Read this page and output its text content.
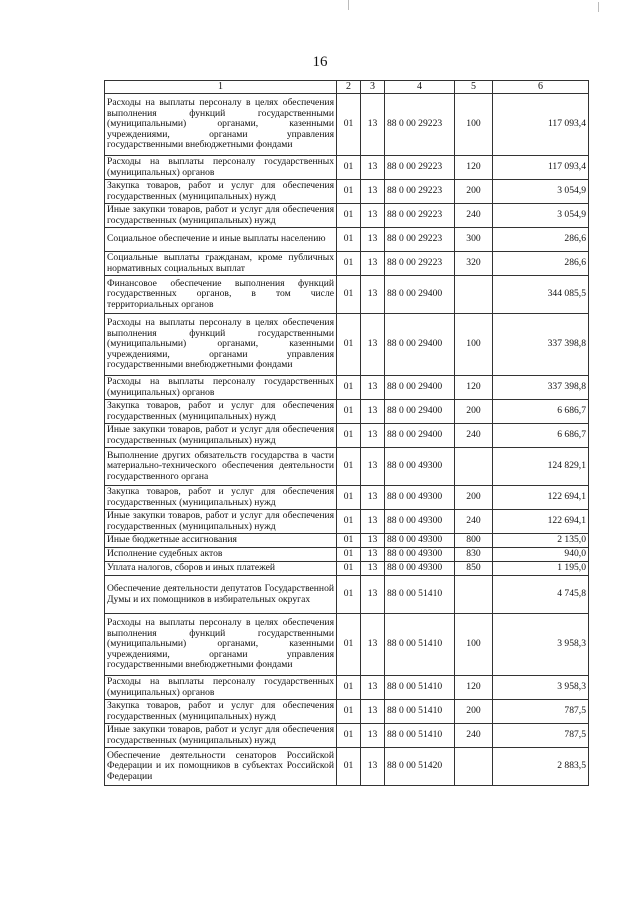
16
1	2	3	4	5	6
Расходы на выплаты персоналу в целях обеспечения выполнения функций государственными (муниципальными) органами, казенными учреждениями, органами управления государственными внебюджетными фондами	01	13	88 0 00 29223	100	117 093,4
Расходы на выплаты персоналу государственных (муниципальных) органов	01	13	88 0 00 29223	120	117 093,4
Закупка товаров, работ и услуг для обеспечения государственных (муниципальных) нужд	01	13	88 0 00 29223	200	3 054,9
Иные закупки товаров, работ и услуг для обеспечения государственных (муниципальных) нужд	01	13	88 0 00 29223	240	3 054,9
Социальное обеспечение и иные выплаты населению	01	13	88 0 00 29223	300	286,6
Социальные выплаты гражданам, кроме публичных нормативных социальных выплат	01	13	88 0 00 29223	320	286,6
Финансовое обеспечение выполнения функций государственных органов, в том числе территориальных органов	01	13	88 0 00 29400		344 085,5
Расходы на выплаты персоналу в целях обеспечения выполнения функций государственными (муниципальными) органами, казенными учреждениями, органами управления государственными внебюджетными фондами	01	13	88 0 00 29400	100	337 398,8
Расходы на выплаты персоналу государственных (муниципальных) органов	01	13	88 0 00 29400	120	337 398,8
Закупка товаров, работ и услуг для обеспечения государственных (муниципальных) нужд	01	13	88 0 00 29400	200	6 686,7
Иные закупки товаров, работ и услуг для обеспечения государственных (муниципальных) нужд	01	13	88 0 00 29400	240	6 686,7
Выполнение других обязательств государства в части материально-технического обеспечения деятельности государственного органа	01	13	88 0 00 49300		124 829,1
Закупка товаров, работ и услуг для обеспечения государственных (муниципальных) нужд	01	13	88 0 00 49300	200	122 694,1
Иные закупки товаров, работ и услуг для обеспечения государственных (муниципальных) нужд	01	13	88 0 00 49300	240	122 694,1
Иные бюджетные ассигнования	01	13	88 0 00 49300	800	2 135,0
Исполнение судебных актов	01	13	88 0 00 49300	830	940,0
Уплата налогов, сборов и иных платежей	01	13	88 0 00 49300	850	1 195,0
Обеспечение деятельности депутатов Государственной Думы и их помощников в избирательных округах	01	13	88 0 00 51410		4 745,8
Расходы на выплаты персоналу в целях обеспечения выполнения функций государственными (муниципальными) органами, казенными учреждениями, органами управления государственными внебюджетными фондами	01	13	88 0 00 51410	100	3 958,3
Расходы на выплаты персоналу государственных (муниципальных) органов	01	13	88 0 00 51410	120	3 958,3
Закупка товаров, работ и услуг для обеспечения государственных (муниципальных) нужд	01	13	88 0 00 51410	200	787,5
Иные закупки товаров, работ и услуг для обеспечения государственных (муниципальных) нужд	01	13	88 0 00 51410	240	787,5
Обеспечение деятельности сенаторов Российской Федерации и их помощников в субъектах Российской Федерации	01	13	88 0 00 51420		2 883,5
